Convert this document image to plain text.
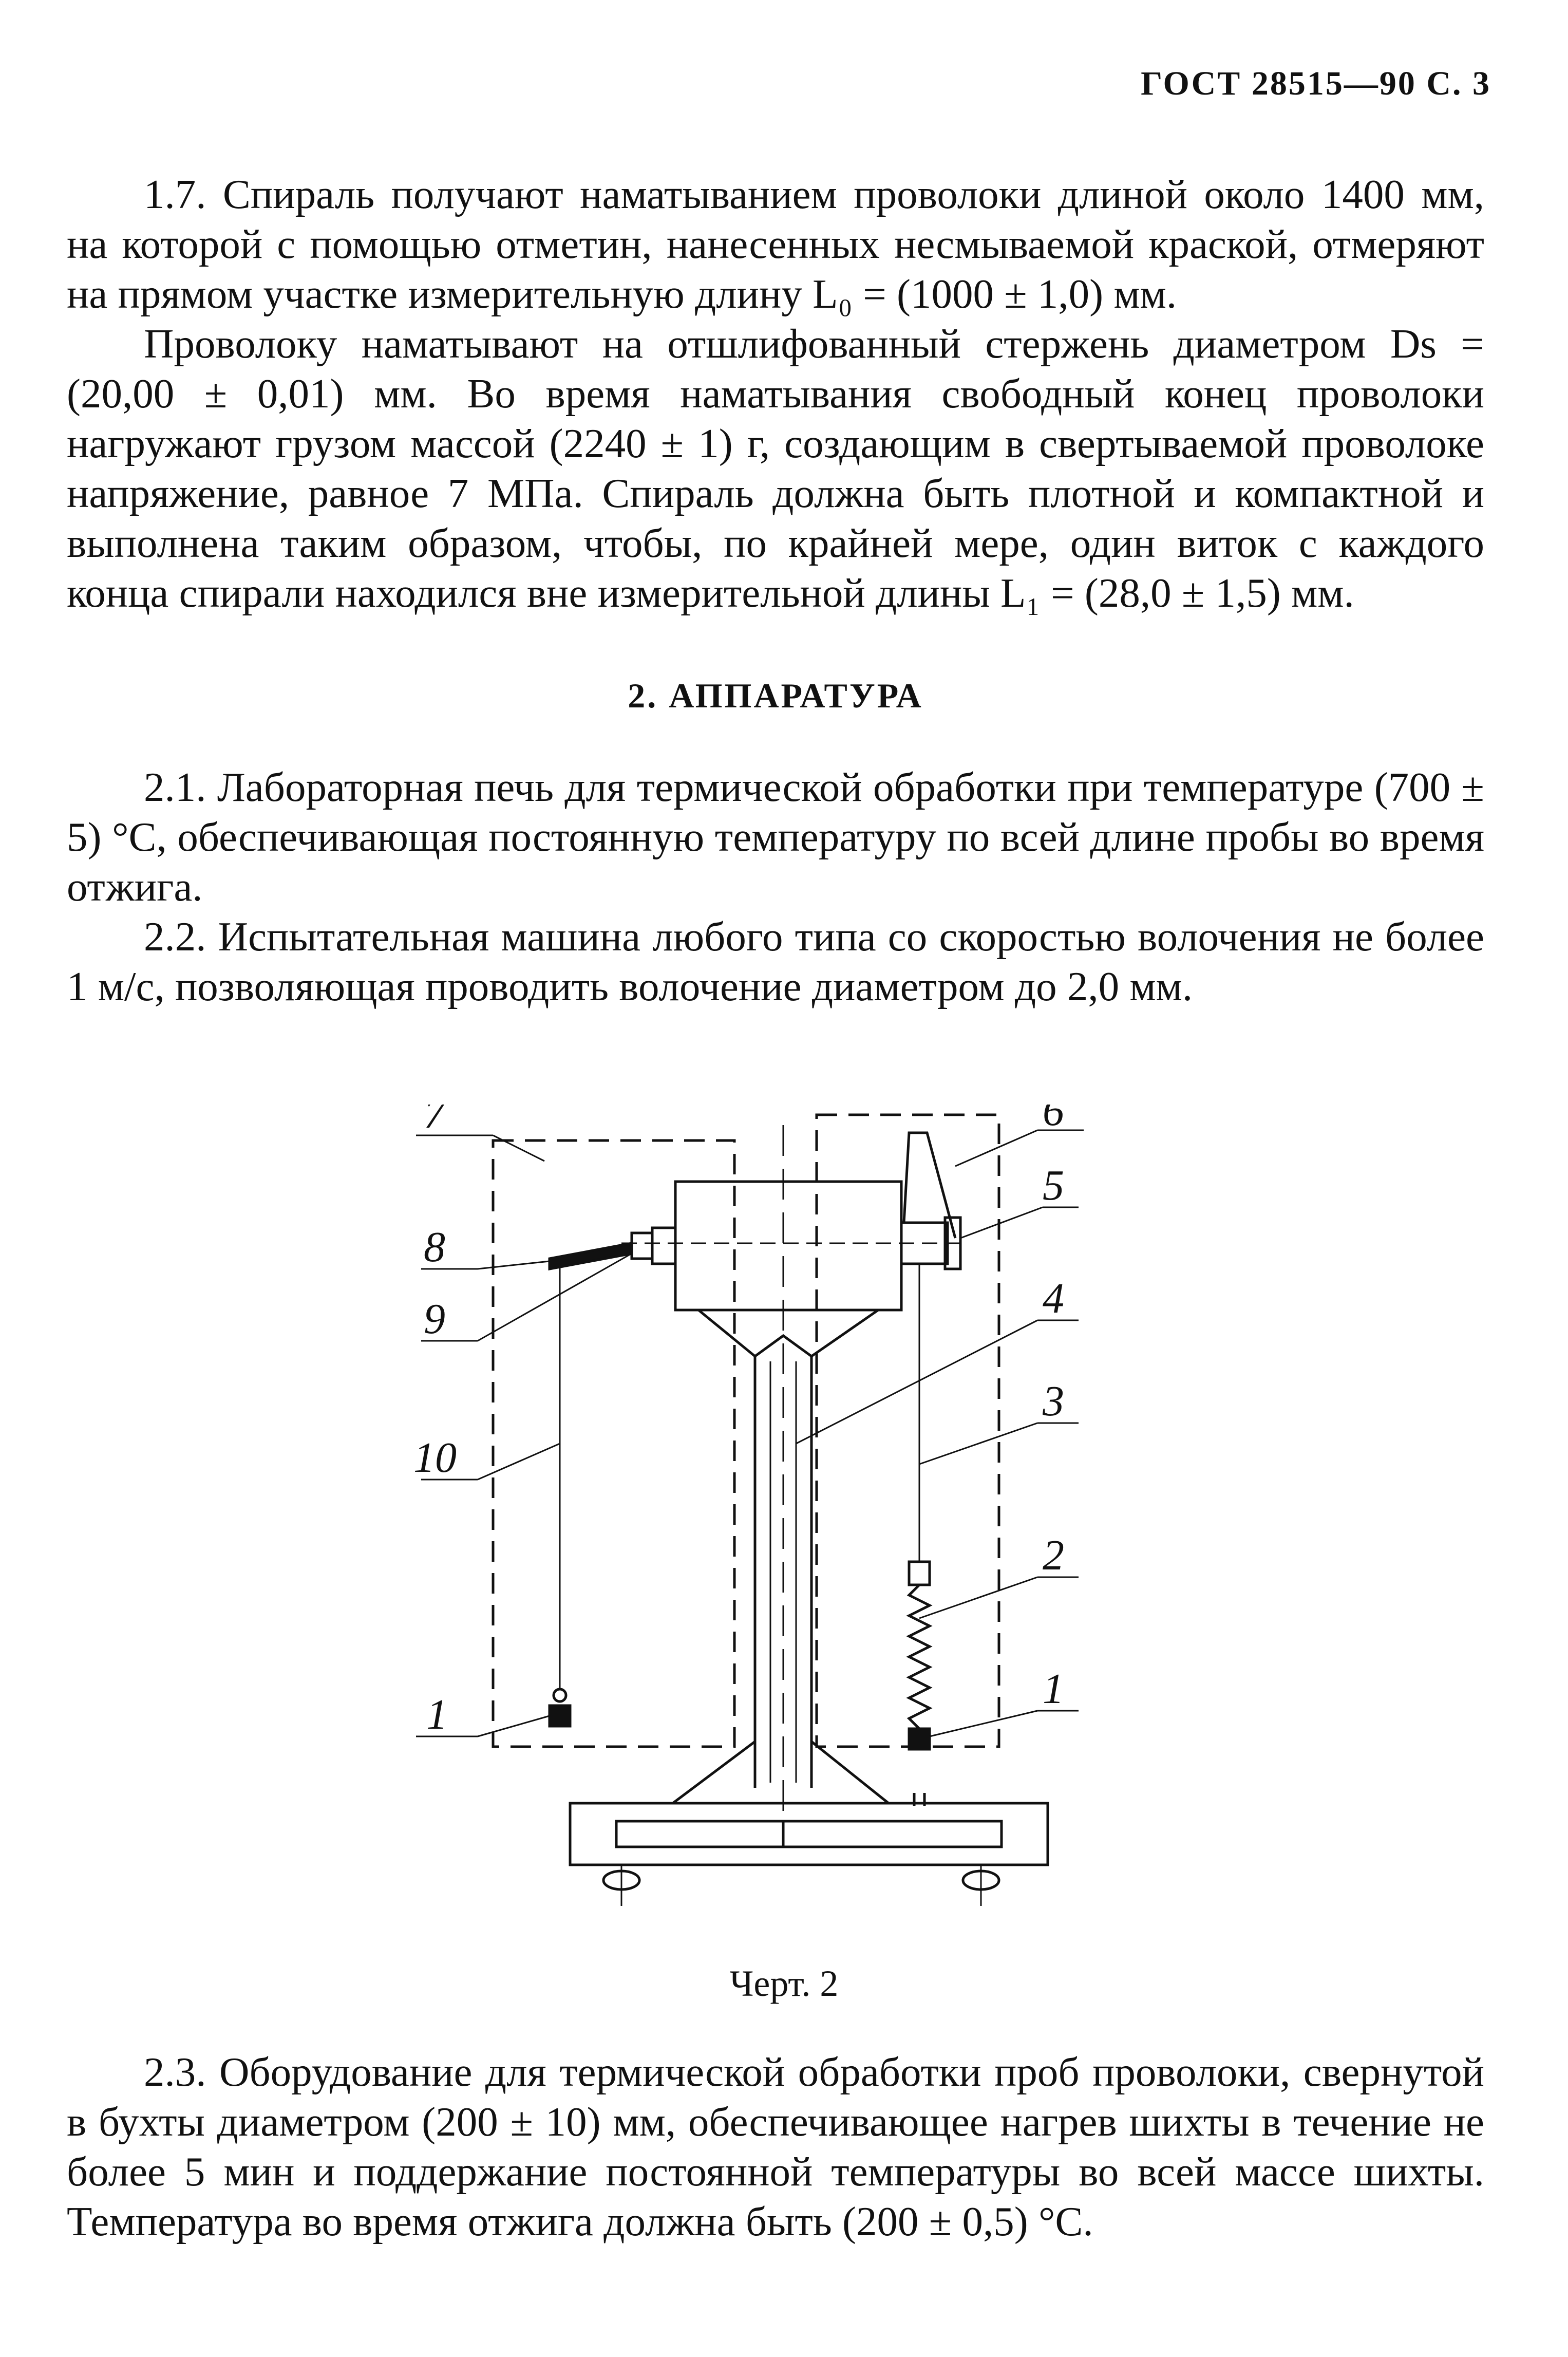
ГОСТ 28515—90 С. 3

1.7. Спираль получают наматыванием проволоки длиной около 1400 мм, на которой с помощью отметин, нанесенных несмываемой краской, отмеряют на прямом участке измерительную длину L₀ = (1000 ± 1,0) мм.

Проволоку наматывают на отшлифованный стержень диаметром Ds = (20,00 ± 0,01) мм. Во время наматывания свободный конец проволоки нагружают грузом массой (2240 ± 1) г, создающим в свертываемой проволоке напряжение, равное 7 МПа. Спираль должна быть плотной и компактной и выполнена таким образом, чтобы, по крайней мере, один виток с каждого конца спирали находился вне измерительной длины L₁ = (28,0 ± 1,5) мм.

2. АППАРАТУРА

2.1. Лабораторная печь для термической обработки при температуре (700 ± 5) °С, обеспечивающая постоянную температуру по всей длине пробы во время отжига.

2.2. Испытательная машина любого типа со скоростью волочения не более 1 м/с, позволяющая проводить волочение диаметром до 2,0 мм.

7	6
5
8
9	4
3
10
2
1
1
Черт. 2

2.3. Оборудование для термической обработки проб проволоки, свернутой в бухты диаметром (200 ± 10) мм, обеспечивающее нагрев шихты в течение не более 5 мин и поддержание постоянной температуры во всей массе шихты. Температура во время отжига должна быть (200 ± 0,5) °С.
